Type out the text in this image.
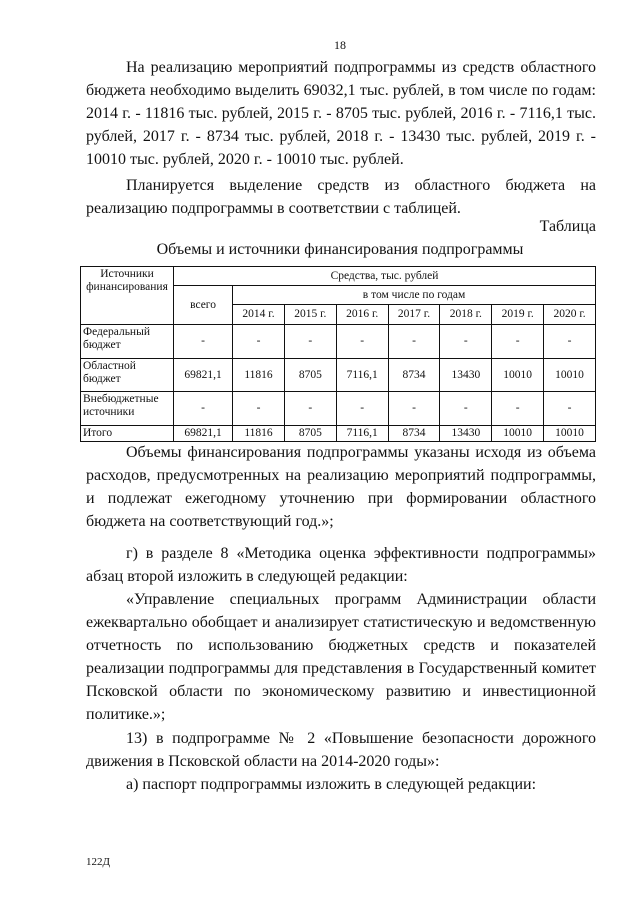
18

На реализацию мероприятий подпрограммы из средств областного бюджета необходимо выделить 69032,1 тыс. рублей, в том числе по годам: 2014 г. - 11816 тыс. рублей, 2015 г. - 8705 тыс. рублей, 2016 г. - 7116,1 тыс. рублей, 2017 г. - 8734 тыс. рублей, 2018 г. - 13430 тыс. рублей, 2019 г. - 10010 тыс. рублей, 2020 г. - 10010 тыс. рублей.

Планируется выделение средств из областного бюджета на реализацию подпрограммы в соответствии с таблицей.

Таблица
Объемы и источники финансирования подпрограммы
Источники финансирования	Средства, тыс. рублей							
	всего	в том числе по годам						
		2014 г.	2015 г.	2016 г.	2017 г.	2018 г.	2019 г.	2020 г.
Федеральный бюджет	-	-	-	-	-	-	-	-
Областной бюджет	69821,1	11816	8705	7116,1	8734	13430	10010	10010
Внебюджетные источники	-	-	-	-	-	-	-	-
Итого	69821,1	11816	8705	7116,1	8734	13430	10010	10010

Объемы финансирования подпрограммы указаны исходя из объема расходов, предусмотренных на реализацию мероприятий подпрограммы, и подлежат ежегодному уточнению при формировании областного бюджета на соответствующий год.»;

г) в разделе 8 «Методика оценка эффективности подпрограммы» абзац второй изложить в следующей редакции:

«Управление специальных программ Администрации области ежеквартально обобщает и анализирует статистическую и ведомственную отчетность по использованию бюджетных средств и показателей реализации подпрограммы для представления в Государственный комитет Псковской области по экономическому развитию и инвестиционной политике.»;

13) в подпрограмме № 2 «Повышение безопасности дорожного движения в Псковской области на 2014-2020 годы»:

а) паспорт подпрограммы изложить в следующей редакции:

122Д
